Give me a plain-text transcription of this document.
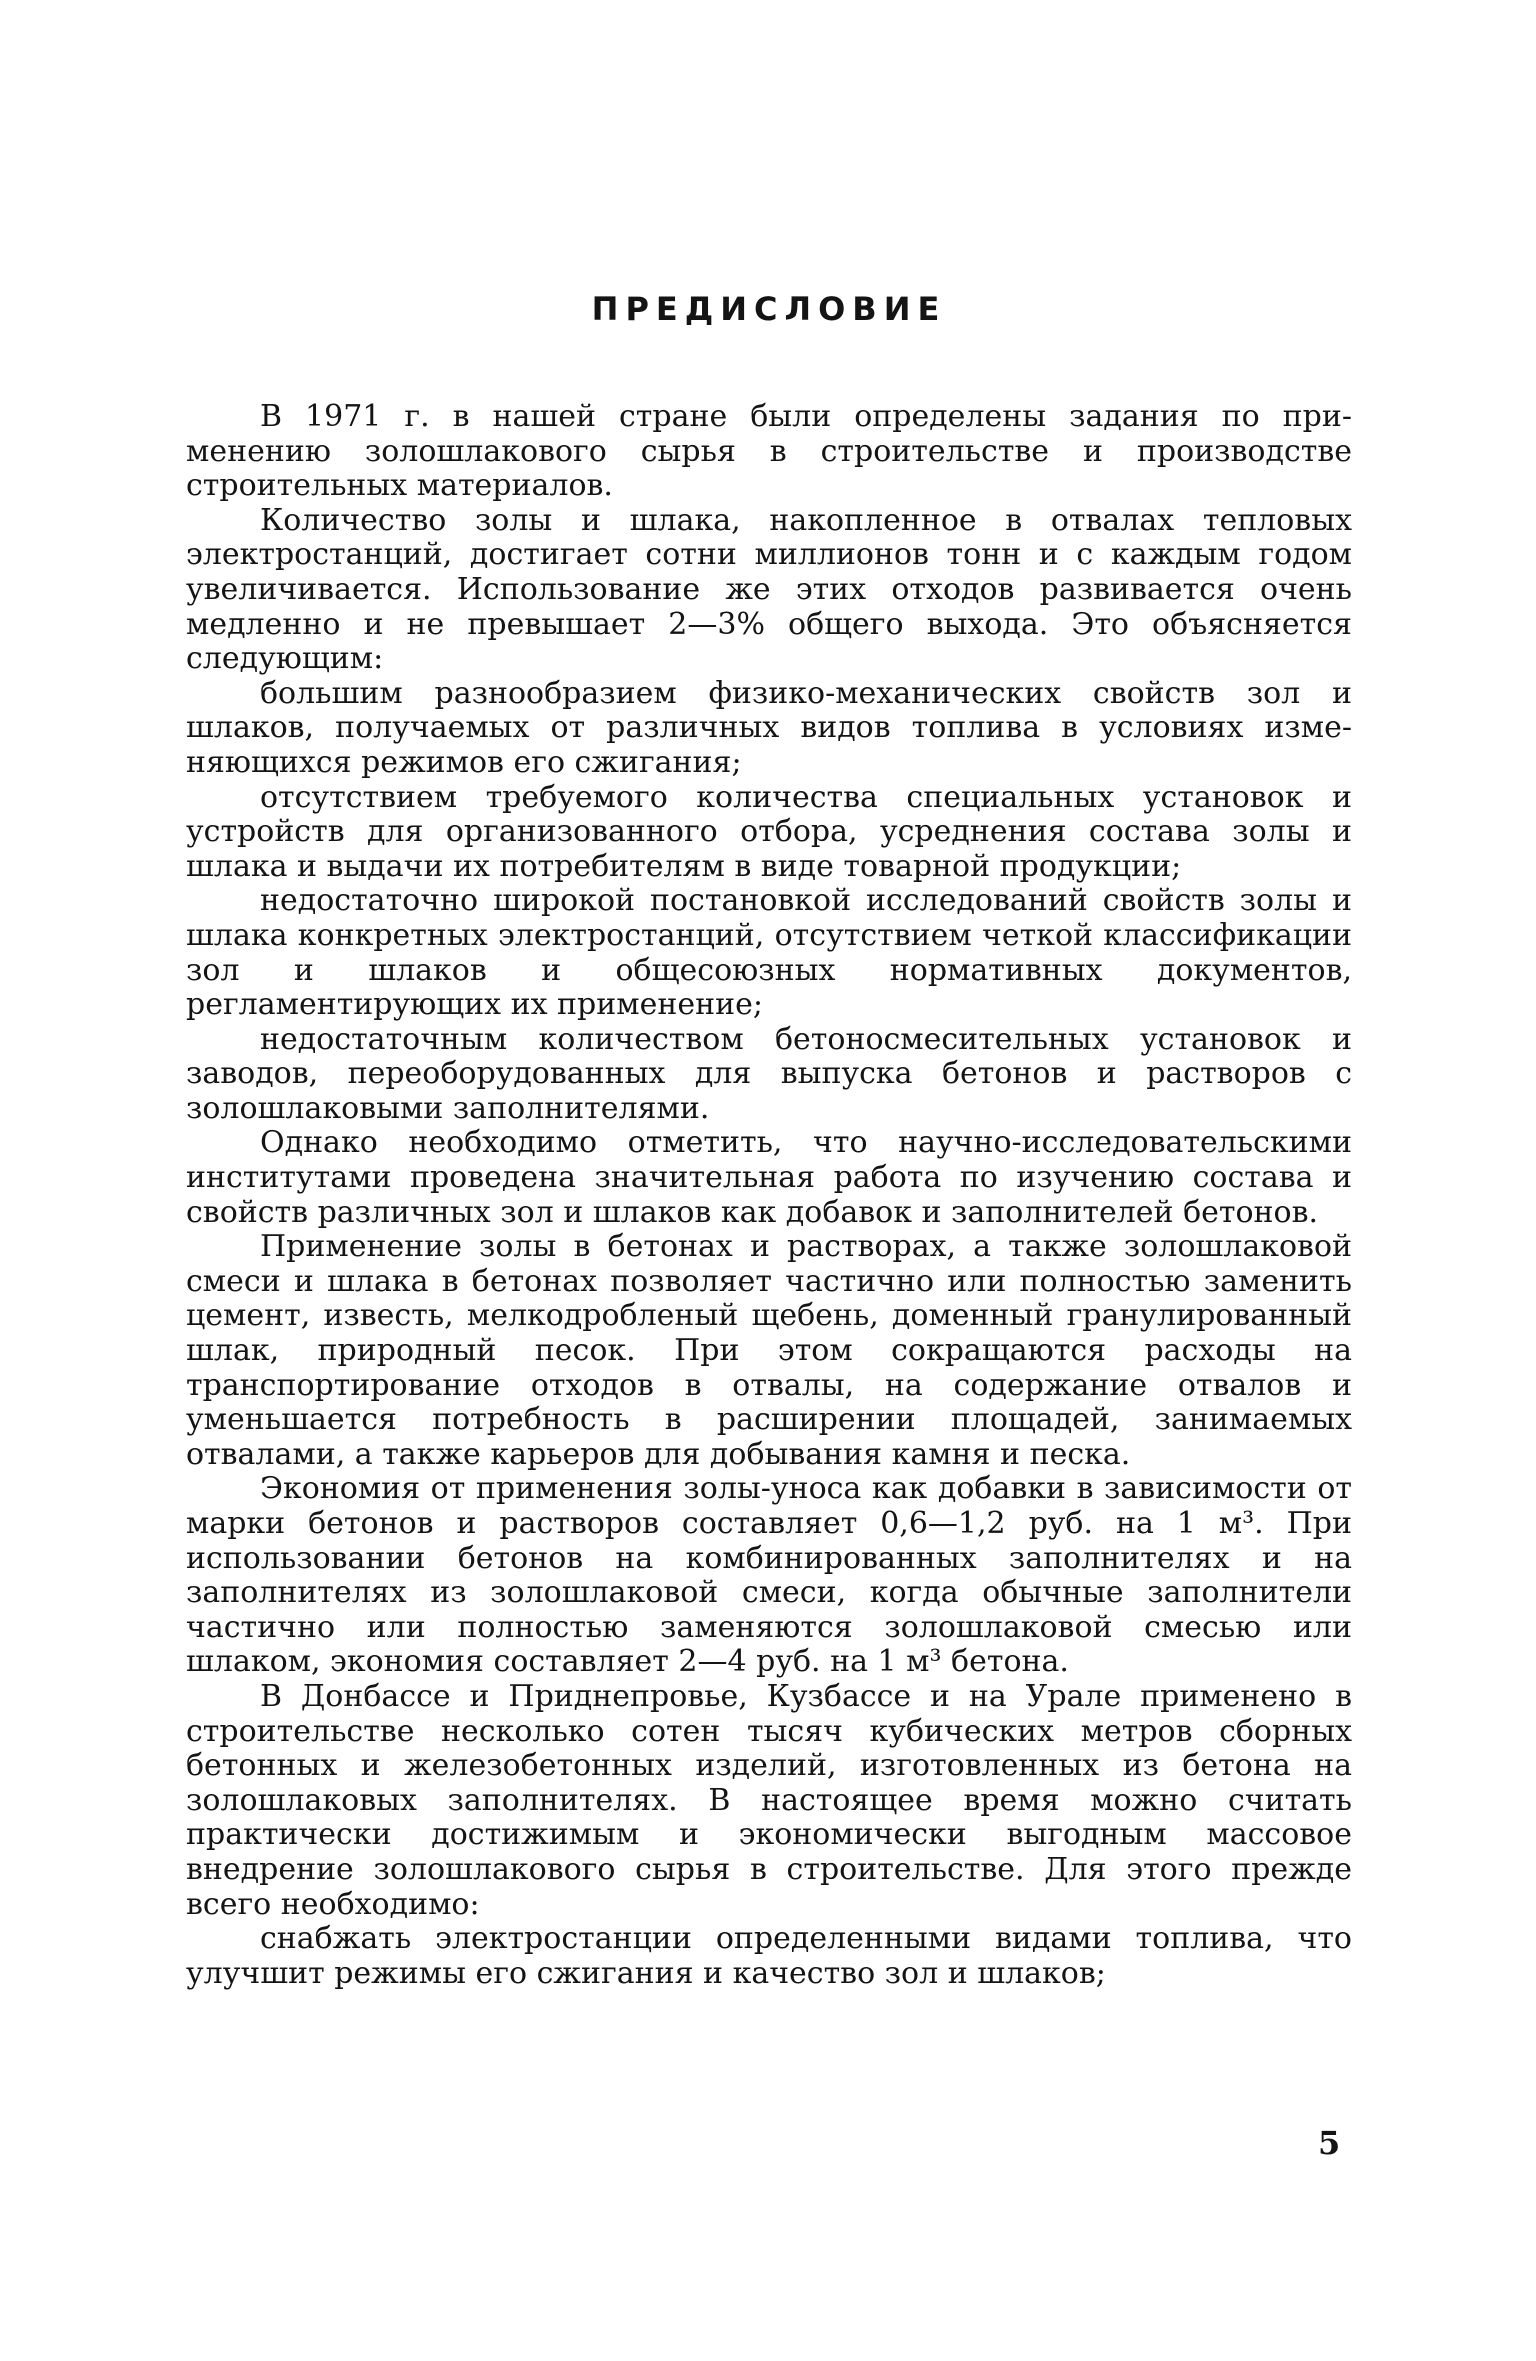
ПРЕДИСЛОВИЕ

В 1971 г. в нашей стране были определены задания по применению золошлакового сырья в строительстве и производстве строительных материалов.

Количество золы и шлака, накопленное в отвалах тепловых электростанций, достигает сотни миллионов тонн и с каждым годом увеличивается. Использование же этих отходов развивается очень медленно и не превышает 2—3% общего выхода. Это объясняется следующим:

большим разнообразием физико-механических свойств зол и шлаков, получаемых от различных видов топлива в условиях изменяющихся режимов его сжигания;

отсутствием требуемого количества специальных установок и устройств для организованного отбора, усреднения состава золы и шлака и выдачи их потребителям в виде товарной продукции;

недостаточно широкой постановкой исследований свойств золы и шлака конкретных электростанций, отсутствием четкой классификации зол и шлаков и общесоюзных нормативных документов, регламентирующих их применение;

недостаточным количеством бетоносмесительных установок и заводов, переоборудованных для выпуска бетонов и растворов с золошлаковыми заполнителями.

Однако необходимо отметить, что научно-исследовательскими институтами проведена значительная работа по изучению состава и свойств различных зол и шлаков как добавок и заполнителей бетонов.

Применение золы в бетонах и растворах, а также золошлаковой смеси и шлака в бетонах позволяет частично или полностью заменить цемент, известь, мелкодробленый щебень, доменный гранулированный шлак, природный песок. При этом сокращаются расходы на транспортирование отходов в отвалы, на содержание отвалов и уменьшается потребность в расширении площадей, занимаемых отвалами, а также карьеров для добывания камня и песка.

Экономия от применения золы-уноса как добавки в зависимости от марки бетонов и растворов составляет 0,6—1,2 руб. на 1 м³. При использовании бетонов на комбинированных заполнителях и на заполнителях из золошлаковой смеси, когда обычные заполнители частично или полностью заменяются золошлаковой смесью или шлаком, экономия составляет 2—4 руб. на 1 м³ бетона.

В Донбассе и Приднепровье, Кузбассе и на Урале применено в строительстве несколько сотен тысяч кубических метров сборных бетонных и железобетонных изделий, изготовленных из бетона на золошлаковых заполнителях. В настоящее время можно считать практически достижимым и экономически выгодным массовое внедрение золошлакового сырья в строительстве. Для этого прежде всего необходимо:

снабжать электростанции определенными видами топлива, что улучшит режимы его сжигания и качество зол и шлаков;

5
